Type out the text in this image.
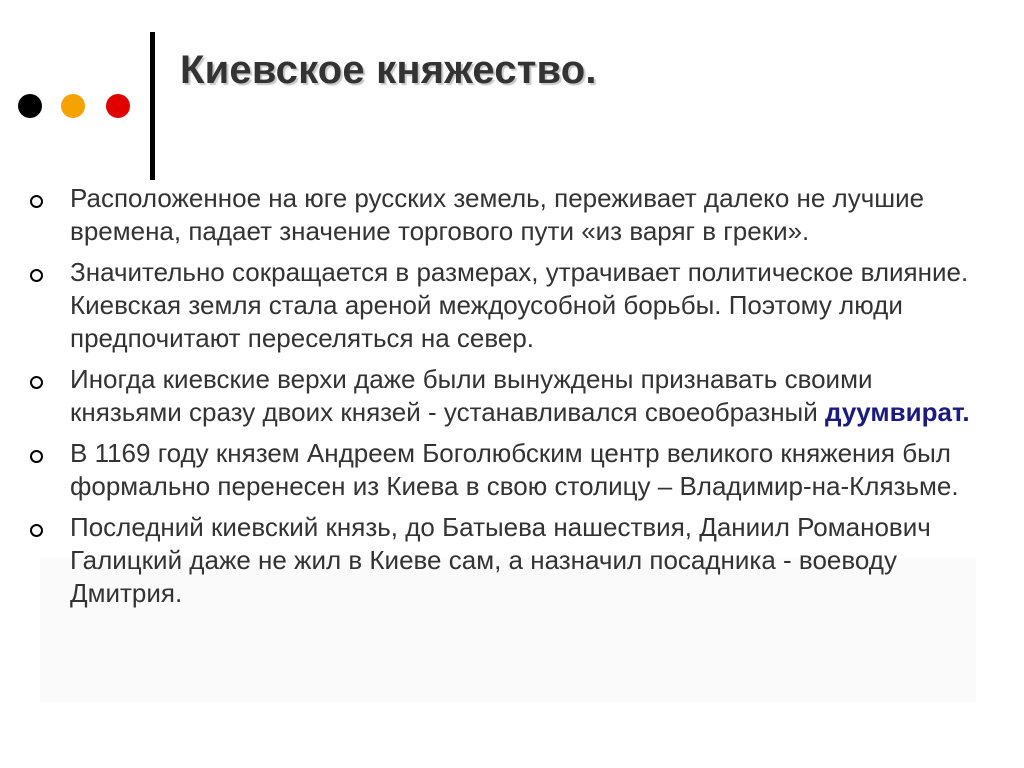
Киевское княжество.
Расположенное на юге русских земель, переживает далеко не лучшие времена, падает значение торгового пути «из варяг в греки».
Значительно сокращается в размерах, утрачивает политическое влияние. Киевская земля стала ареной междоусобной борьбы. Поэтому люди предпочитают переселяться на север.
Иногда киевские верхи даже были вынуждены признавать своими князьями сразу двоих князей - устанавливался своеобразный дуумвират.
В 1169 году князем Андреем Боголюбским центр великого княжения был формально перенесен из Киева в свою столицу – Владимир-на-Клязьме.
Последний киевский князь, до Батыева нашествия, Даниил Романович Галицкий даже не жил в Киеве сам, а назначил посадника - воеводу Дмитрия.
